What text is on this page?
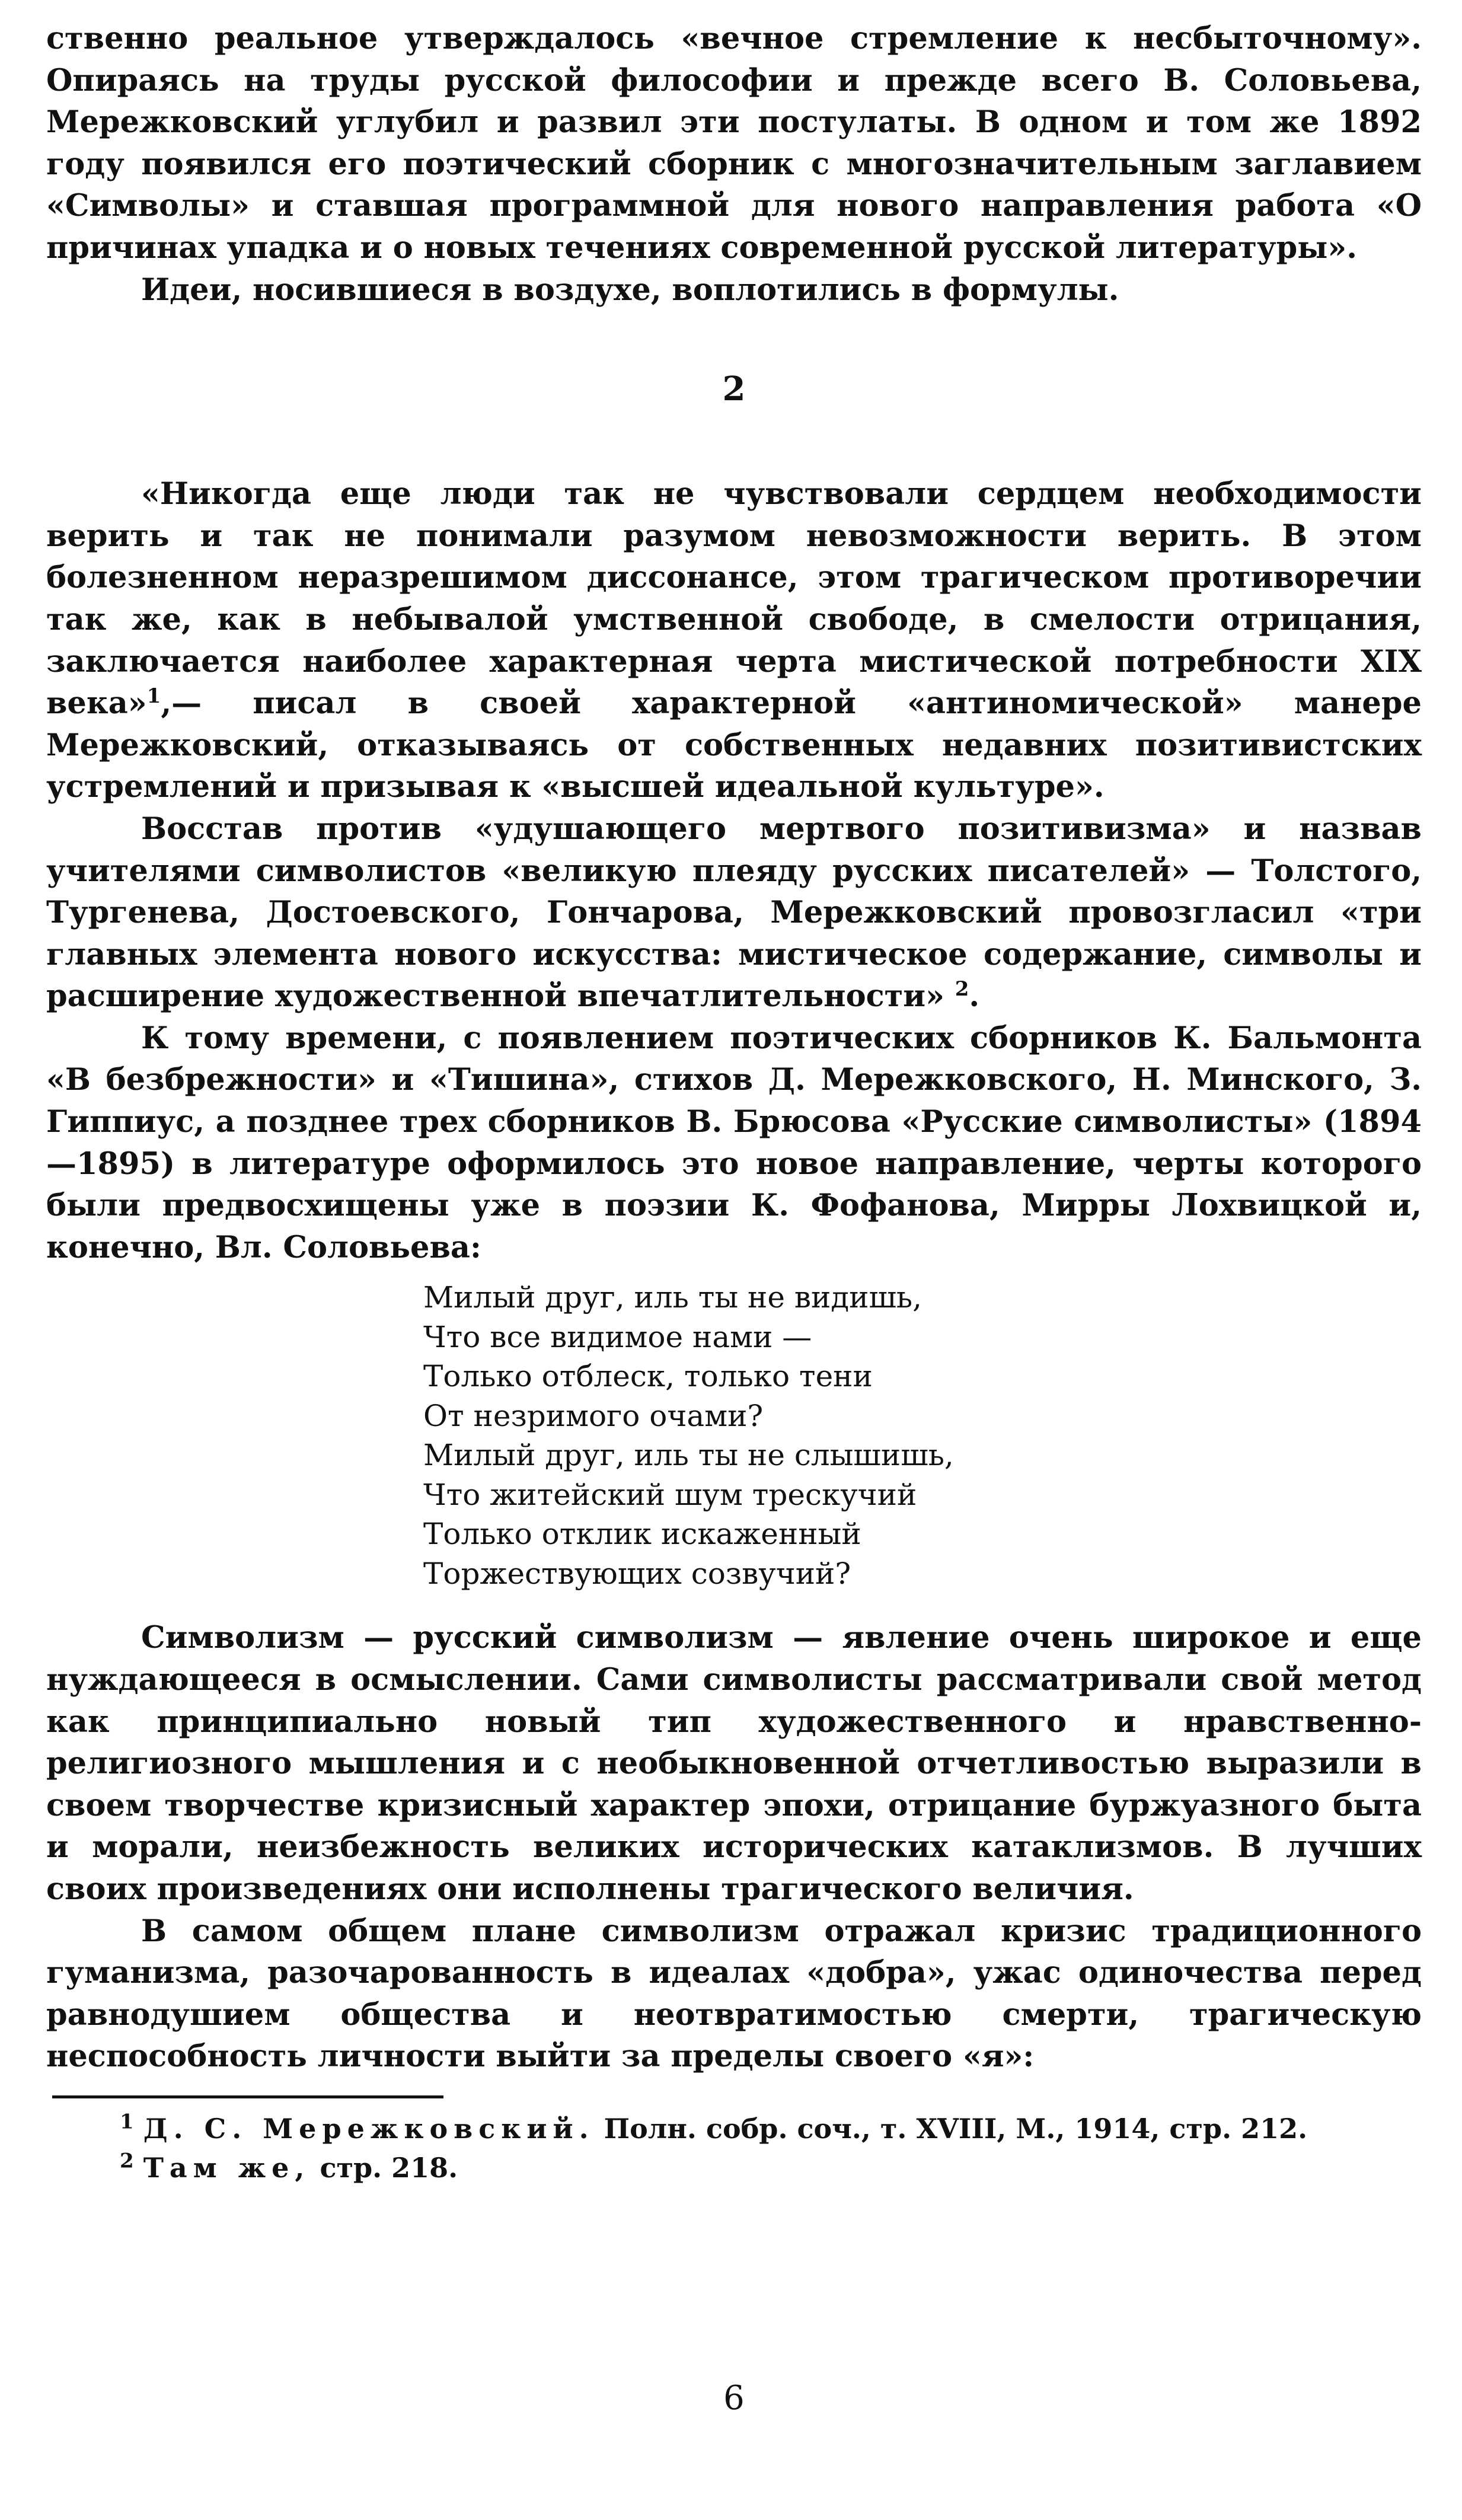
ственно реальное утверждалось «вечное стремление к несбыточному». Опираясь на труды русской философии и прежде всего В. Соловьева, Мережковский углубил и развил эти постулаты. В одном и том же 1892 году появился его поэтический сборник с многозначительным заглавием «Символы» и ставшая программной для нового направления работа «О причинах упадка и о новых течениях современной русской литературы».

Идеи, носившиеся в воздухе, воплотились в формулы.

2

«Никогда еще люди так не чувствовали сердцем необходимости верить и так не понимали разумом невозможности верить. В этом болезненном неразрешимом диссонансе, этом трагическом противоречии так же, как в небывалой умственной свободе, в смелости отрицания, заключается наиболее характерная черта мистической потребности XIX века»$^1$,— писал в своей характерной «антиномической» манере Мережковский, отказываясь от собственных недавних позитивистских устремлений и призывая к «высшей идеальной культуре».

Восстав против «удушающего мертвого позитивизма» и назвав учителями символистов «великую плеяду русских писателей» — Толстого, Тургенева, Достоевского, Гончарова, Мережковский провозгласил «три главных элемента нового искусства: мистическое содержание, символы и расширение художественной впечатлительности» $^2$.

К тому времени, с появлением поэтических сборников К. Бальмонта «В безбрежности» и «Тишина», стихов Д. Мережковского, Н. Минского, З. Гиппиус, а позднее трех сборников В. Брюсова «Русские символисты» (1894—1895) в литературе оформилось это новое направление, черты которого были предвосхищены уже в поэзии К. Фофанова, Мирры Лохвицкой и, конечно, Вл. Соловьева:

Милый друг, иль ты не видишь,
Что все видимое нами —
Только отблеск, только тени
От незримого очами?
Милый друг, иль ты не слышишь,
Что житейский шум трескучий
Только отклик искаженный
Торжествующих созвучий?

Символизм — русский символизм — явление очень широкое и еще нуждающееся в осмыслении. Сами символисты рассматривали свой метод как принципиально новый тип художественного и нравственно-религиозного мышления и с необыкновенной отчетливостью выразили в своем творчестве кризисный характер эпохи, отрицание буржуазного быта и морали, неизбежность великих исторических катаклизмов. В лучших своих произведениях они исполнены трагического величия.

В самом общем плане символизм отражал кризис традиционного гуманизма, разочарованность в идеалах «добра», ужас одиночества перед равнодушием общества и неотвратимостью смерти, трагическую неспособность личности выйти за пределы своего «я»:

$^1$ Д. С. Мережковский. Полн. собр. соч., т. XVIII, М., 1914, стр. 212.

$^2$ Там же, стр. 218.

6
